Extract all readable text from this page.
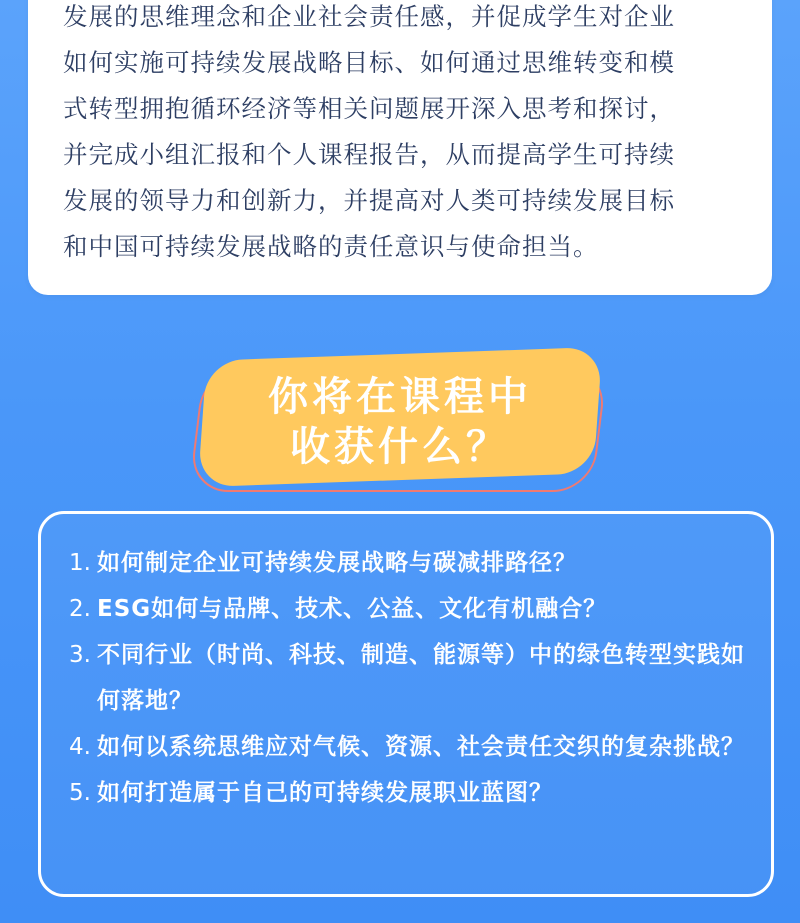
发展的思维理念和企业社会责任感，并促成学生对企业
如何实施可持续发展战略目标、如何通过思维转变和模
式转型拥抱循环经济等相关问题展开深入思考和探讨，
并完成小组汇报和个人课程报告，从而提高学生可持续
发展的领导力和创新力，并提高对人类可持续发展目标
和中国可持续发展战略的责任意识与使命担当。

你将在课程中
收获什么？
1. 如何制定企业可持续发展战略与碳减排路径？
2. ESG如何与品牌、技术、公益、文化有机融合？
3. 不同行业（时尚、科技、制造、能源等）中的绿色转型实践如何落地？
4. 如何以系统思维应对气候、资源、社会责任交织的复杂挑战？
5. 如何打造属于自己的可持续发展职业蓝图？
